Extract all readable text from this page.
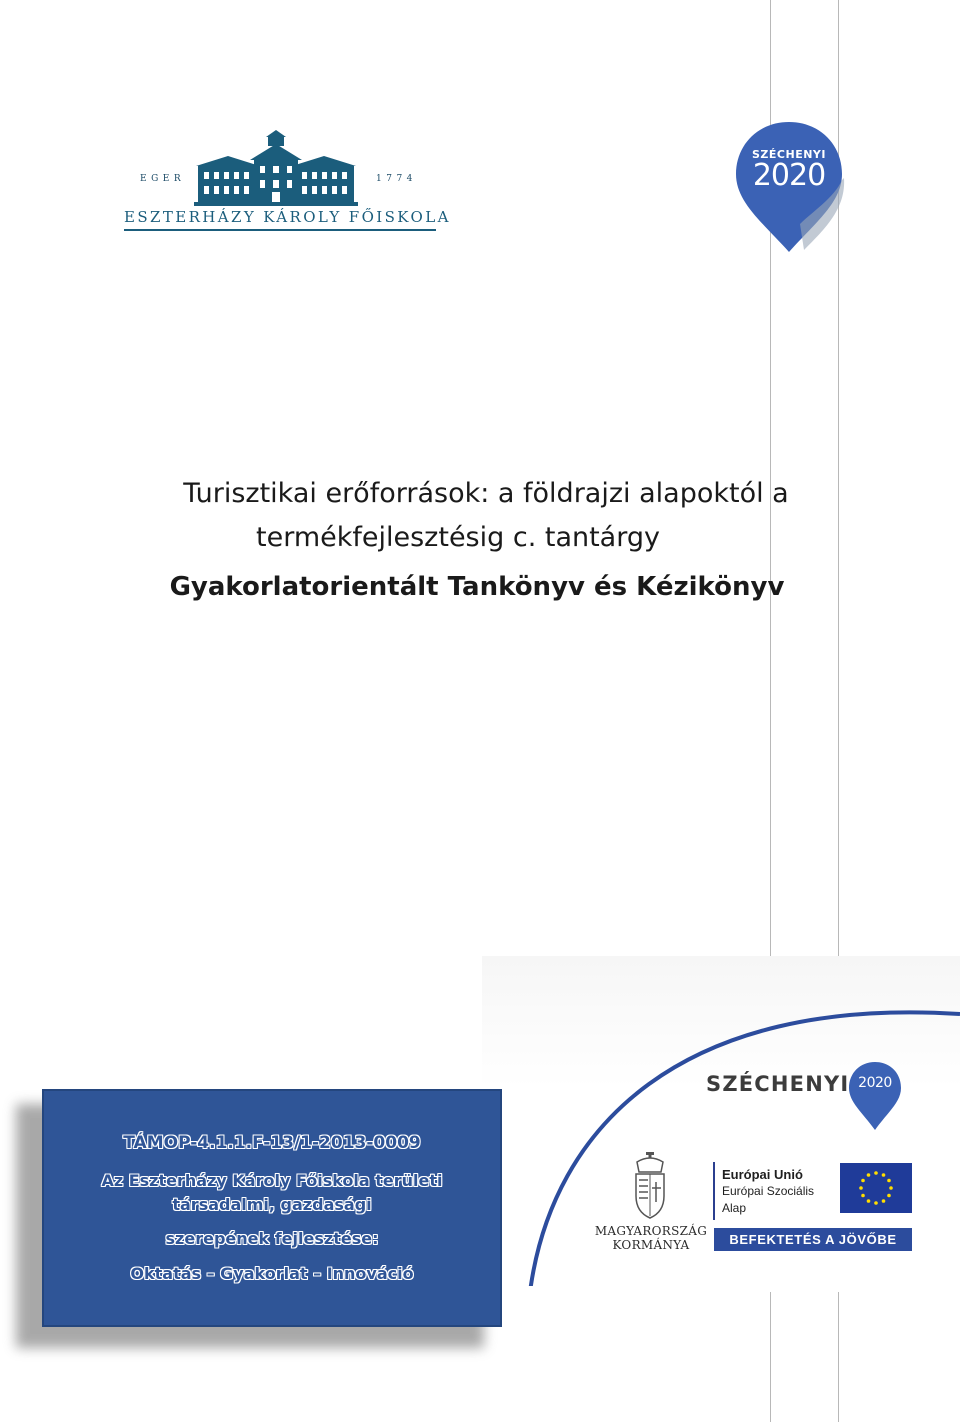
EGER	1774
ESZTERHÁZY KÁROLY FŐISKOLA
SZÉCHENYI
2020
Turisztikai erőforrások: a földrajzi alapoktól a
termékfejlesztésig c. tantárgy
Gyakorlatorientált Tankönyv és Kézikönyv
SZÉCHENYI 2020
MAGYARORSZÁG
KORMÁNYA
Európai Unió
Európai Szociális
Alap
BEFEKTETÉS A JÖVŐBE
TÁMOP-4.1.1.F-13/1-2013-0009
Az Eszterházy Károly Főiskola területi
társadalmi, gazdasági
szerepének fejlesztése:
Oktatás – Gyakorlat – Innováció
